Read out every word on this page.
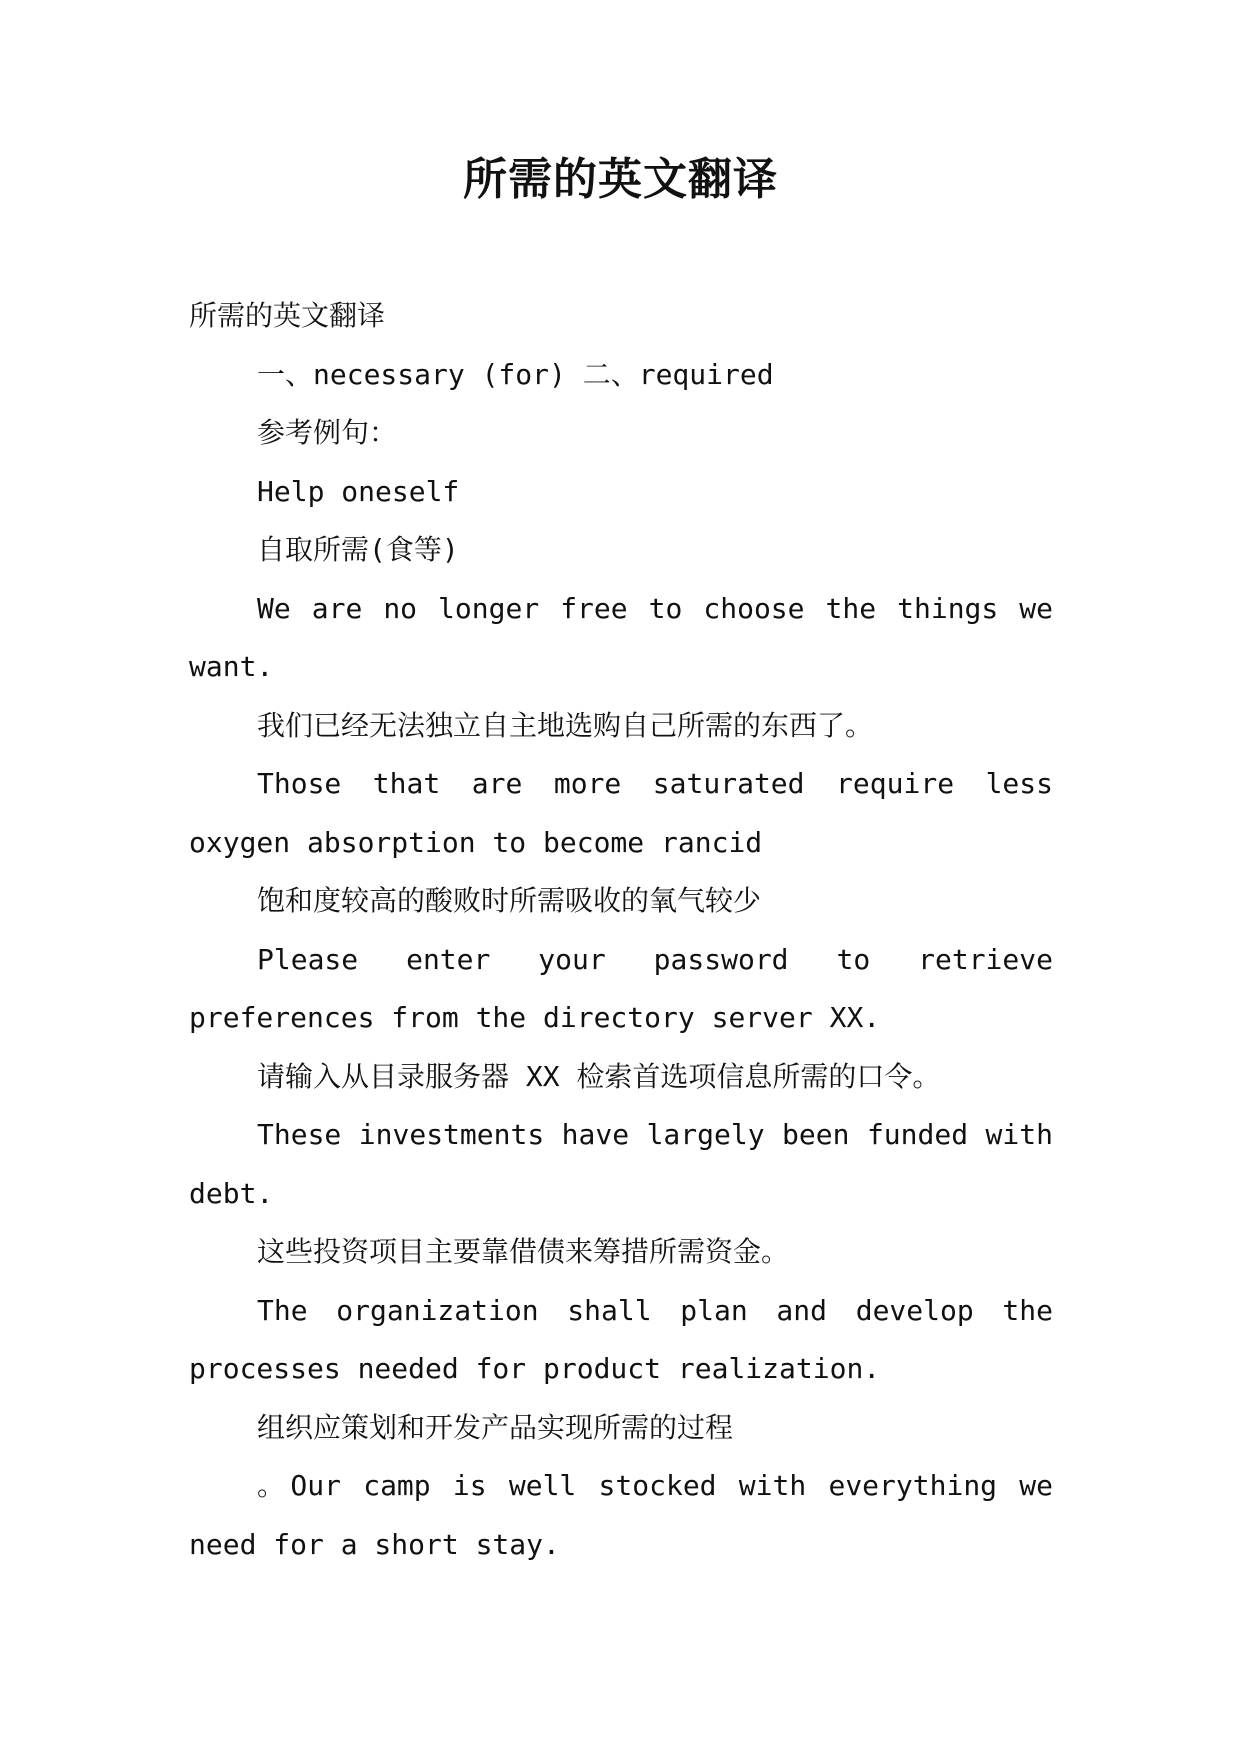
所需的英文翻译
所需的英文翻译
一、necessary (for) 二、required
参考例句：
Help oneself
自取所需(食等)
We are no longer free to choose the things we
want.
我们已经无法独立自主地选购自己所需的东西了。
Those that are more saturated require less
oxygen absorption to become rancid
饱和度较高的酸败时所需吸收的氧气较少
Please enter your password to retrieve
preferences from the directory server XX.
请输入从目录服务器 XX 检索首选项信息所需的口令。
These investments have largely been funded with
debt.
这些投资项目主要靠借债来筹措所需资金。
The organization shall plan and develop the
processes needed for product realization.
组织应策划和开发产品实现所需的过程
。Our camp is well stocked with everything we
need for a short stay.
